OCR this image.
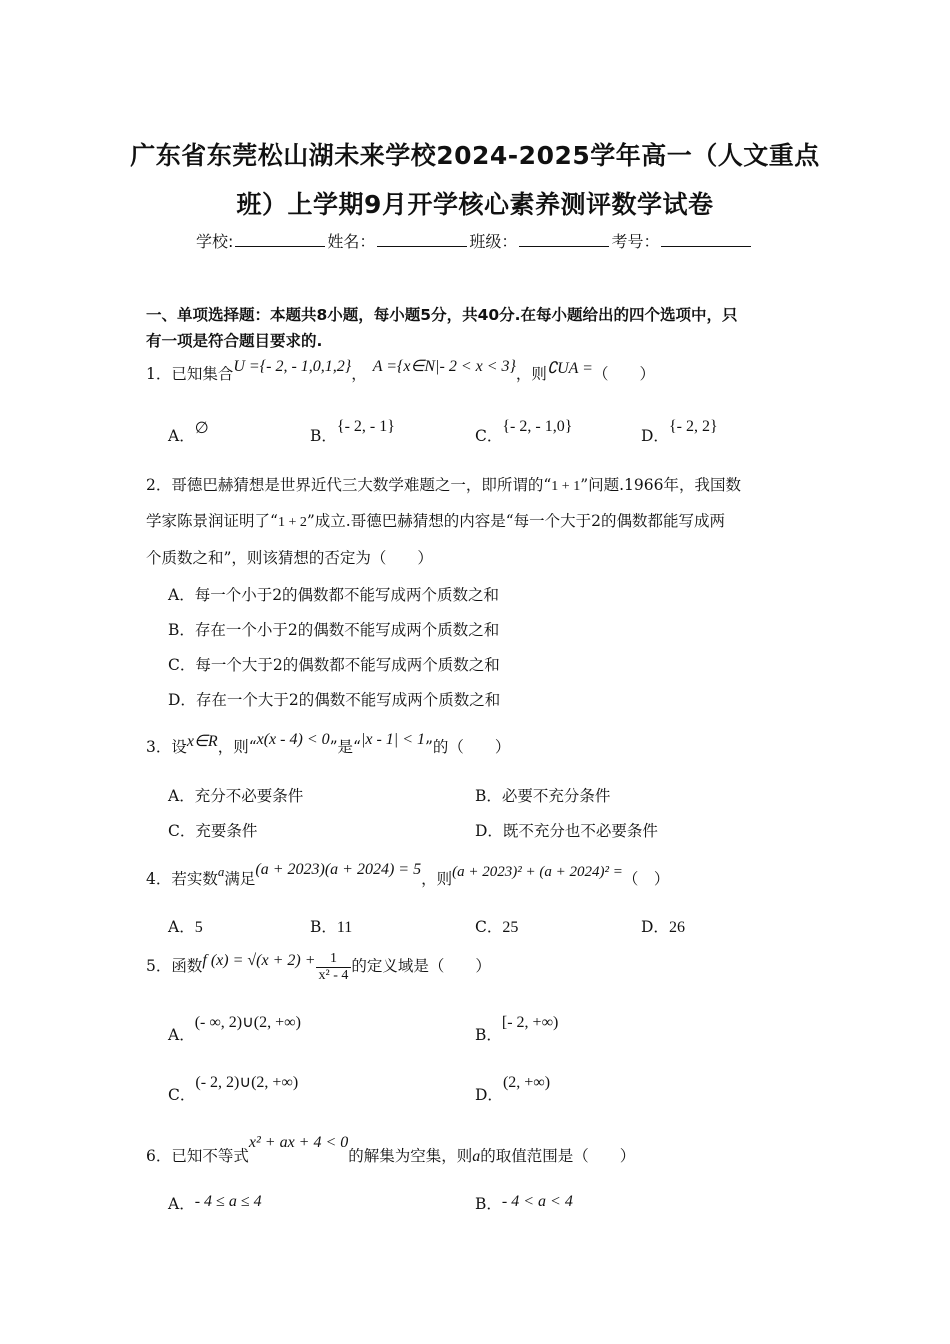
广东省东莞松山湖未来学校2024-2025学年高一（人文重点
班）上学期9月开学核心素养测评数学试卷
学校:	姓名：	班级：	考号：
一、单项选择题：本题共8小题，每小题5分，共40分.在每小题给出的四个选项中，只
有一项是符合题目要求的.
1．已知集合U ={- 2, - 1,0,1,2}， A ={x∈N|- 2 < x < 3}，则∁UA =（　　）
A．∅	B．{- 2, - 1}
C．{- 2, - 1,0}
D．{- 2, 2}
2．哥德巴赫猜想是世界近代三大数学难题之一，即所谓的“1 + 1”问题.1966年，我国数
学家陈景润证明了“1 + 2”成立.哥德巴赫猜想的内容是“每一个大于2的偶数都能写成两
个质数之和”，则该猜想的否定为（　　）
A．每一个小于2的偶数都不能写成两个质数之和
B．存在一个小于2的偶数不能写成两个质数之和
C．每一个大于2的偶数都不能写成两个质数之和
D．存在一个大于2的偶数不能写成两个质数之和
3．设x∈R，则“x(x - 4) < 0”是“|x - 1| < 1”的（　　）
A．充分不必要条件	B．必要不充分条件
C．充要条件	D．既不充分也不必要条件
4．若实数$^a$满足(a + 2023)(a + 2024) = 5，则(a + 2023)² + (a + 2024)² =（　）
A．5	B．11	C．25	D．26
5．函数f $(x) = √(x + 2) + \frac{1}{\text{x² - 4}}$ 的定义域是（　　）
A．(- ∞, 2)∪(2, +∞)
B．[- 2, +∞)
C．(- 2, 2)∪(2, +∞)
D．(2, +∞)
6．已知不等式x² + ax + 4 < 0的解集为空集，则a的取值范围是（　　）
A．- 4 ≤ a ≤ 4	B．- 4 < a < 4
